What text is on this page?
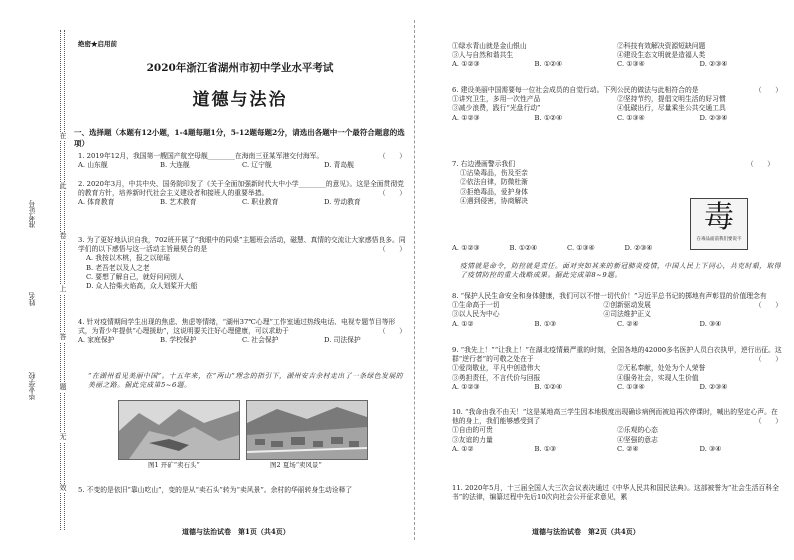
在
此
卷
上
答
题
无
效
准考证号
姓名
毕业学校
绝密★启用前
2020年浙江省湖州市初中学业水平考试
道德与法治
一、选择题（本题有12小题，1-4题每题1分，5-12题每题2分，请选出各题中一个最符合题意的选项）
1. 2019年12月，我国第一艘国产航空母舰________在海南三亚某军港交付海军。	（　　）
A. 山东舰	B. 大连舰	C. 辽宁舰	D. 青岛舰
2. 2020年3月，中共中央、国务院印发了《关于全面加强新时代大中小学________的意见》。这是全面贯彻党的教育方针，培养新时代社会主义建设者和接班人的重要举措。	（　　）
A. 体育教育	B. 艺术教育	C. 职业教育	D. 劳动教育
3. 为了更好地认识自我，702班开展了“我眼中的同桌”主题班会活动，磁慧、真情的交流让大家感悟良多。同学们的以下感悟与这一活动主旨最契合的是	（　　）
A. 我按以木桃，报之以琼瑶
B. 老吾老以及人之老
C. 要想了解自己，就好问问别人
D. 众人拾柴火焰高，众人划桨开大船
4. 针对疫情期间学生出现的焦虑、焦虑等情绪，“湖州37℃心理”工作室通过热线电话、电视专题节目等形式，为青少年提供“心理援助”，这说明要关注好心理健康，可以求助于	（　　）
A. 家庭保护	B. 学校保护	C. 社会保护	D. 司法保护
“在湖州看见美丽中国”。十五年来，在“两山”理念的指引下，湖州安吉余村走出了一条绿色发展的美丽之路。据此完成第5~6题。
图1 开矿“卖石头”	图2 夏场“卖风景”
5. 不变的是依旧“靠山吃山”，变的是从“卖石头”转为“卖风景”。余村的华丽转身生动诠释了
道德与法治试卷　第1页（共4页）
①绿水青山就是金山银山	②科技有效解决资源短缺问题
③人与自然和谐共生	④建设生态文明就是造福人类
A. ①②③	B. ①②④	C. ①③④	D. ②③④
6. 建设美丽中国需要每一位社会成员的自觉行动。下列公民的做法与此相符合的是	（　　）
①讲究卫生，多用一次性产品	②坚持节约，提倡文明生活的好习惯
③减少浪费，践行“光盘行动”	④低碳出行，尽量乘坐公共交通工具
A. ①②③	B. ①②④	C. ①③④	D. ②③④
7. 右边漫画警示我们
①沾染毒品，伤及至亲
②依法自律，防微杜渐
③拒绝毒品，爱护身体
④遇到侵害，协商解决
（　　）
A. ①②③	B. ①②④	C. ①③④	D. ②③④
疫情就是命令，防控就是责任。面对突如其来的新冠肺炎疫情，中国人民上下同心，共克时艰，取得了疫情防控的重大战略成果。据此完成第8~9题。
8. “保护人民生命安全和身体健康，我们可以不惜一切代价！”习近平总书记的掷地有声彰显的价值理念有
（　　）
①生命高于一切	②创新驱动发展
③以人民为中心	④司法维护正义
A. ①②	B. ①③	C. ②④	D. ③④
9. “我先上！”“让我上！”在湖北疫情最严重的时刻，全国各地的42000多名医护人员白衣执甲，逆行出征。这群“逆行者”的可敬之处在于	（　　）
①爱岗敬业，平凡中创造伟大	②无私奉献，处处为个人荣誉
③勇担责任，不言代价与回报	④服务社会，实现人生价值
A. ①②③	B. ①②④	C. ①③④	D. ②③④
10. “我命由我不由天！”这是某地高三学生因本地极度出现确诊病例而被迫再次停课时，喊出的坚定心声。在他的身上，我们能够感受到了	（　　）
①自由的可贵	②乐观的心态
③友谊的力量	④坚强的意志
A. ①②	B. ①③	C. ②④	D. ③④
11. 2020年5月，十三届全国人大三次会议表决通过《中华人民共和国民法典》。这部被誉为“社会生活百科全书”的法律，编纂过程中先后10次向社会公开征求意见，累
道德与法治试卷　第2页（共4页）
毒
在毒品面前我们要说不
